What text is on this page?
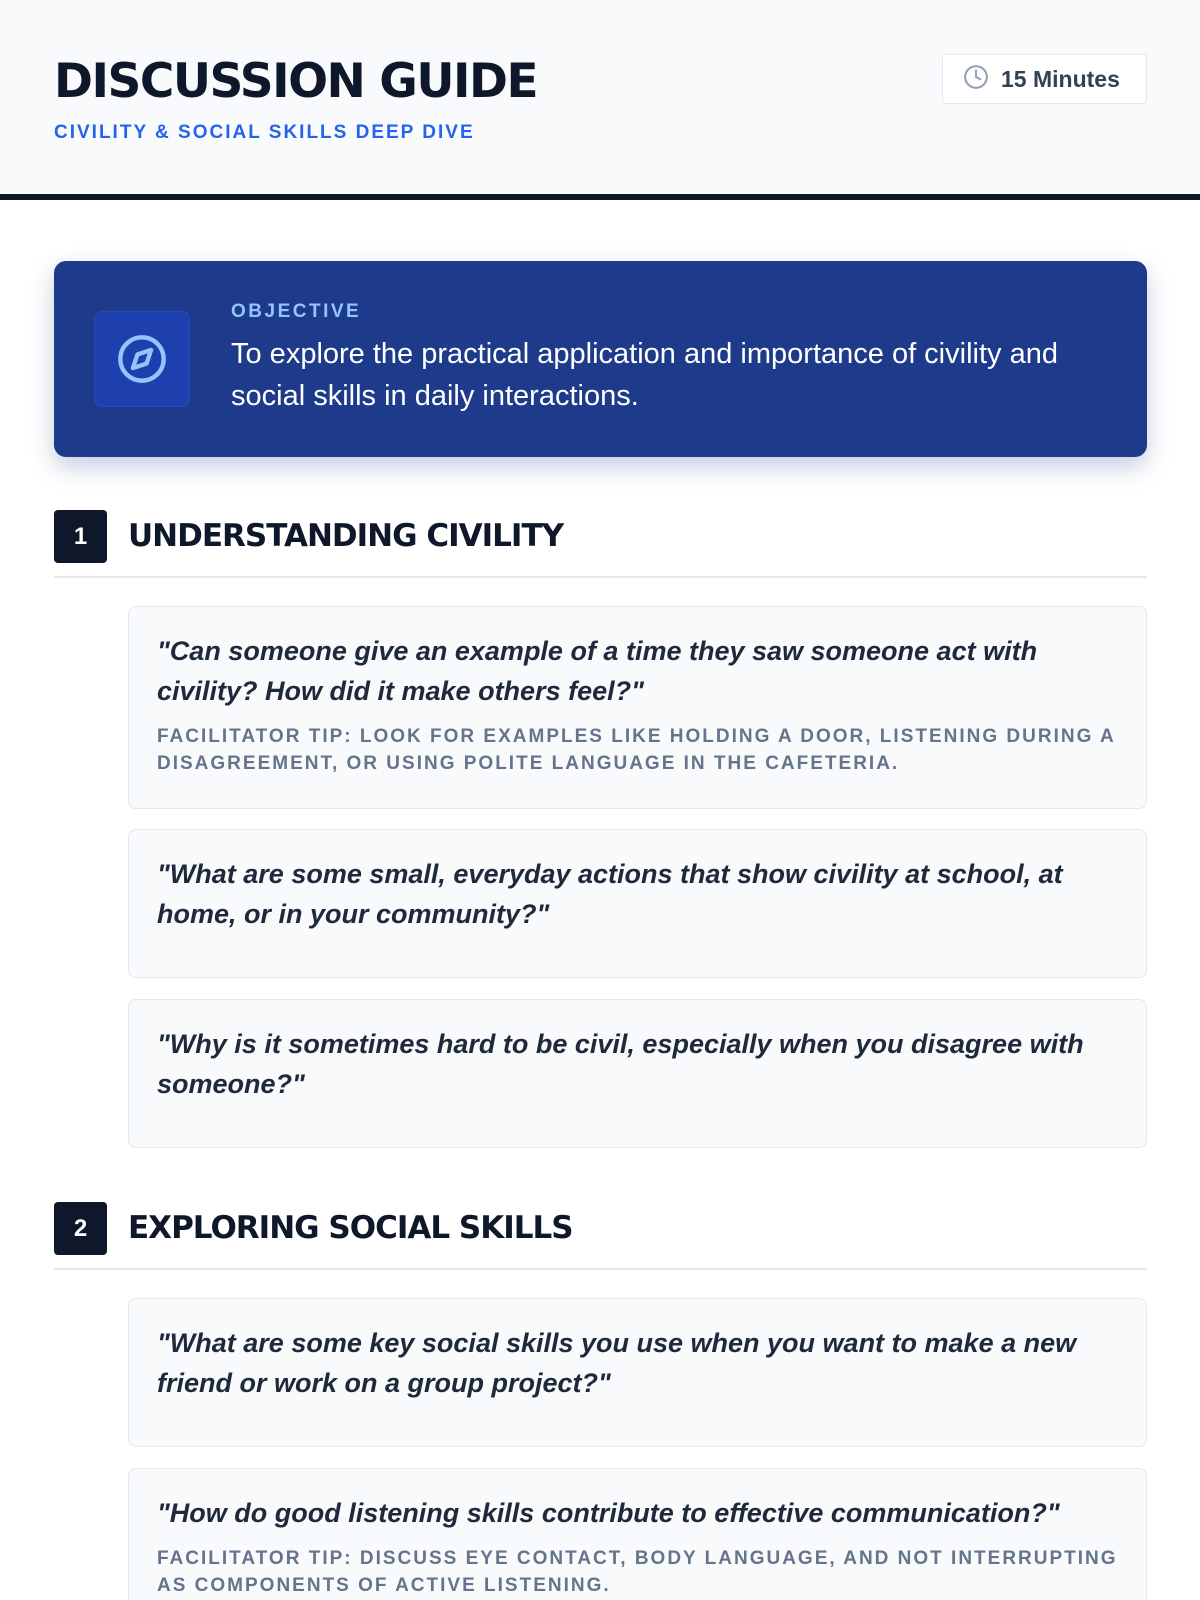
DISCUSSION GUIDE
CIVILITY & SOCIAL SKILLS DEEP DIVE
15 Minutes
OBJECTIVE
To explore the practical application and importance of civility and social skills in daily interactions.
1	UNDERSTANDING CIVILITY
"Can someone give an example of a time they saw someone act with civility? How did it make others feel?"
FACILITATOR TIP: LOOK FOR EXAMPLES LIKE HOLDING A DOOR, LISTENING DURING A DISAGREEMENT, OR USING POLITE LANGUAGE IN THE CAFETERIA.
"What are some small, everyday actions that show civility at school, at home, or in your community?"
"Why is it sometimes hard to be civil, especially when you disagree with someone?"
2	EXPLORING SOCIAL SKILLS
"What are some key social skills you use when you want to make a new friend or work on a group project?"
"How do good listening skills contribute to effective communication?"
FACILITATOR TIP: DISCUSS EYE CONTACT, BODY LANGUAGE, AND NOT INTERRUPTING AS COMPONENTS OF ACTIVE LISTENING.
